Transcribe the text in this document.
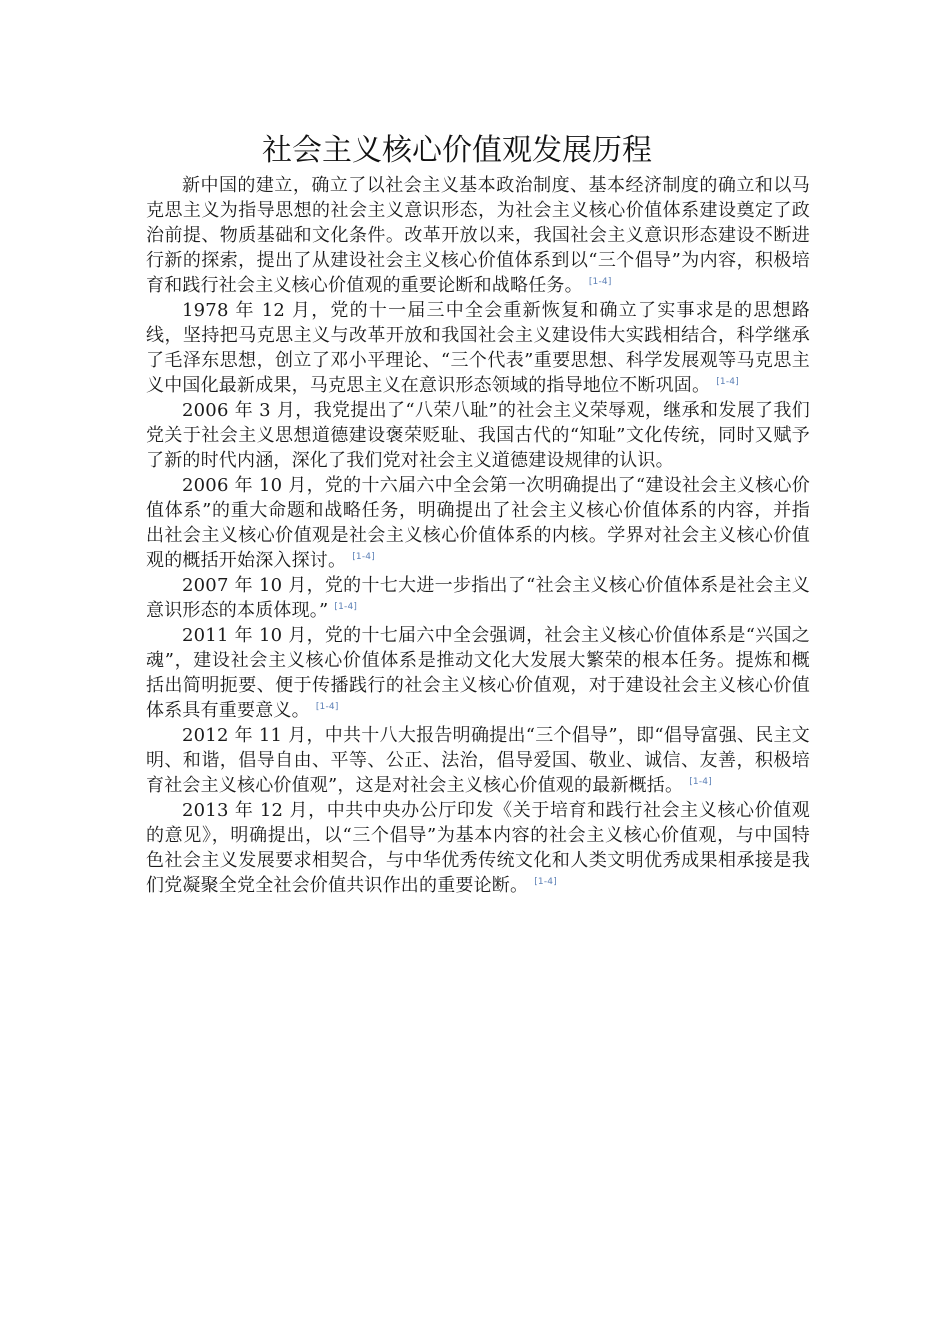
社会主义核心价值观发展历程

新中国的建立，确立了以社会主义基本政治制度、基本经济制度的确立和以马克思主义为指导思想的社会主义意识形态，为社会主义核心价值体系建设奠定了政治前提、物质基础和文化条件。改革开放以来，我国社会主义意识形态建设不断进行新的探索，提出了从建设社会主义核心价值体系到以“三个倡导”为内容，积极培育和践行社会主义核心价值观的重要论断和战略任务。 [1-4]

1978 年 12 月，党的十一届三中全会重新恢复和确立了实事求是的思想路线，坚持把马克思主义与改革开放和我国社会主义建设伟大实践相结合，科学继承了毛泽东思想，创立了邓小平理论、“三个代表”重要思想、科学发展观等马克思主义中国化最新成果，马克思主义在意识形态领域的指导地位不断巩固。 [1-4]

2006 年 3 月，我党提出了“八荣八耻”的社会主义荣辱观，继承和发展了我们党关于社会主义思想道德建设褒荣贬耻、我国古代的“知耻”文化传统，同时又赋予了新的时代内涵，深化了我们党对社会主义道德建设规律的认识。

2006 年 10 月，党的十六届六中全会第一次明确提出了“建设社会主义核心价值体系”的重大命题和战略任务，明确提出了社会主义核心价值体系的内容，并指出社会主义核心价值观是社会主义核心价值体系的内核。学界对社会主义核心价值观的概括开始深入探讨。 [1-4]

2007 年 10 月，党的十七大进一步指出了“社会主义核心价值体系是社会主义意识形态的本质体现。” [1-4]

2011 年 10 月，党的十七届六中全会强调，社会主义核心价值体系是“兴国之魂”，建设社会主义核心价值体系是推动文化大发展大繁荣的根本任务。提炼和概括出简明扼要、便于传播践行的社会主义核心价值观，对于建设社会主义核心价值体系具有重要意义。 [1-4]

2012 年 11 月，中共十八大报告明确提出“三个倡导”，即“倡导富强、民主文明、和谐，倡导自由、平等、公正、法治，倡导爱国、敬业、诚信、友善，积极培育社会主义核心价值观”，这是对社会主义核心价值观的最新概括。 [1-4]

2013 年 12 月，中共中央办公厅印发《关于培育和践行社会主义核心价值观的意见》，明确提出，以“三个倡导”为基本内容的社会主义核心价值观，与中国特色社会主义发展要求相契合，与中华优秀传统文化和人类文明优秀成果相承接是我们党凝聚全党全社会价值共识作出的重要论断。 [1-4]
